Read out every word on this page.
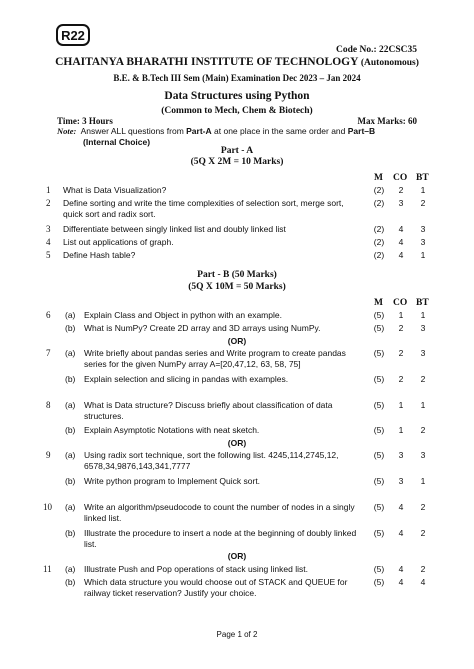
R22
Code No.: 22CSC35
CHAITANYA BHARATHI INSTITUTE OF TECHNOLOGY (Autonomous)
B.E. & B.Tech III Sem (Main) Examination Dec 2023 – Jan 2024
Data Structures using Python
(Common to Mech, Chem & Biotech)
Time: 3 Hours	Max Marks: 60
Note: Answer ALL questions from Part-A at one place in the same order and Part–B
(Internal Choice)
Part - A
(5Q X 2M = 10 Marks)
M CO BT
1 What is Data Visualization?	(2)	2	1
2 Define sorting and write the time complexities of selection sort, merge sort, quick sort and radix sort.
(2)	3	2
3 Differentiate between singly linked list and doubly linked list	(2)	4	3
4 List out applications of graph.	(2)	4	3
5 Define Hash table?	(2)	4	1
Part - B (50 Marks)
(5Q X 10M = 50 Marks)
M CO BT
6 (a) Explain Class and Object in python with an example.	(5)	1	1
(b) What is NumPy? Create 2D array and 3D arrays using NumPy.	(5)	2	3
(OR)
7 (a) Write briefly about pandas series and Write program to create pandas series for the given NumPy array A=[20,47,12, 63, 58, 75]
(5)	2	3
(b) Explain selection and slicing in pandas with examples.	(5)	2	2
8 (a) What is Data structure? Discuss briefly about classification of data structures.
(5)	1	1
(b) Explain Asymptotic Notations with neat sketch.	(5)	1	2
(OR)
9 (a) Using radix sort technique, sort the following list. 4245,114,2745,12, 6578,34,9876,143,341,7777
(5)	3	3
(b) Write python program to Implement Quick sort.	(5)	3	1
10 (a) Write an algorithm/pseudocode to count the number of nodes in a singly linked list.
(5)	4	2
(b) Illustrate the procedure to insert a node at the beginning of doubly linked list.
(5)	4	2
(OR)
11 (a) Illustrate Push and Pop operations of stack using linked list.	(5)	4	2
(b) Which data structure you would choose out of STACK and QUEUE for railway ticket reservation? Justify your choice.
(5)	4	4
Page 1 of 2
